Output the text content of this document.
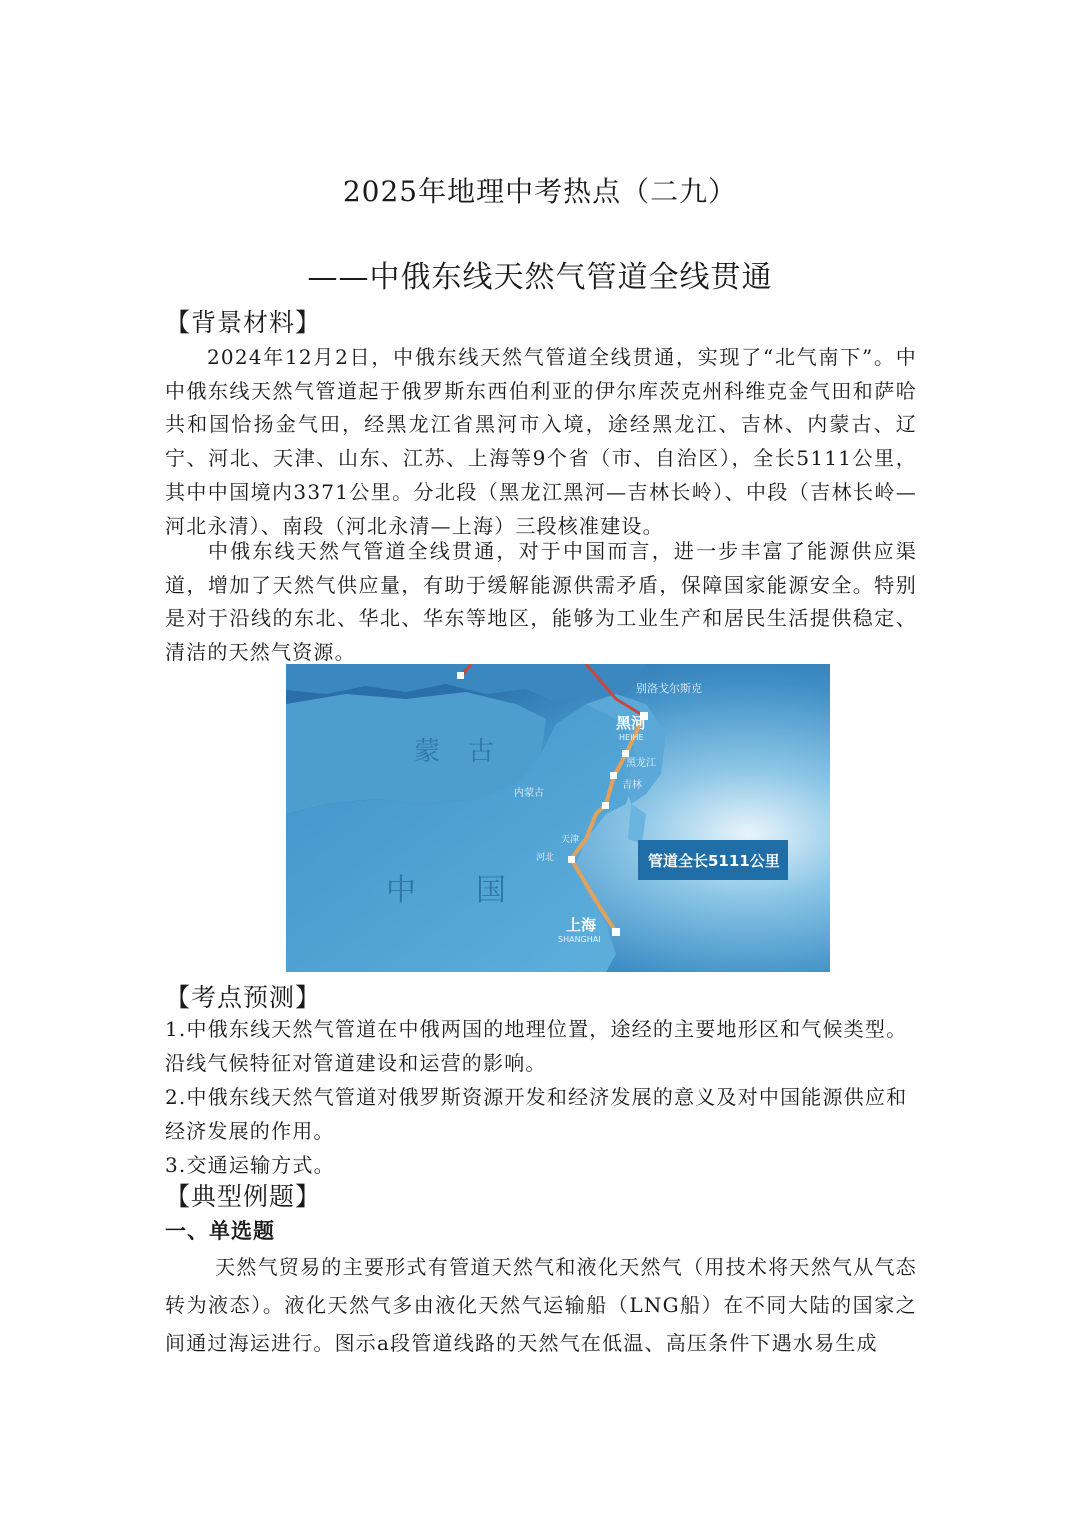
2025年地理中考热点（二九）
——中俄东线天然气管道全线贯通
【背景材料】

2024年12月2日，中俄东线天然气管道全线贯通，实现了“北气南下”。中中俄东线天然气管道起于俄罗斯东西伯利亚的伊尔库茨克州科维克金气田和萨哈共和国恰扬金气田，经黑龙江省黑河市入境，途经黑龙江、吉林、内蒙古、辽宁、河北、天津、山东、江苏、上海等9个省（市、自治区），全长5111公里，其中中国境内3371公里。分北段（黑龙江黑河—吉林长岭）、中段（吉林长岭—河北永清）、南段（河北永清—上海）三段核准建设。

中俄东线天然气管道全线贯通，对于中国而言，进一步丰富了能源供应渠道，增加了天然气供应量，有助于缓解能源供需矛盾，保障国家能源安全。特别是对于沿线的东北、华北、华东等地区，能够为工业生产和居民生活提供稳定、清洁的天然气资源。

别洛戈尔斯克
黑河
HEIHE
黑龙江
吉林
内蒙古
蒙古
中国
天津
河北
上海
SHANGHAI
管道全长5111公里
【考点预测】
1.中俄东线天然气管道在中俄两国的地理位置，途经的主要地形区和气候类型。沿线气候特征对管道建设和运营的影响。
2.中俄东线天然气管道对俄罗斯资源开发和经济发展的意义及对中国能源供应和经济发展的作用。
3.交通运输方式。
【典型例题】
一、单选题

天然气贸易的主要形式有管道天然气和液化天然气（用技术将天然气从气态转为液态）。液化天然气多由液化天然气运输船（LNG船）在不同大陆的国家之间通过海运进行。图示a段管道线路的天然气在低温、高压条件下遇水易生成
